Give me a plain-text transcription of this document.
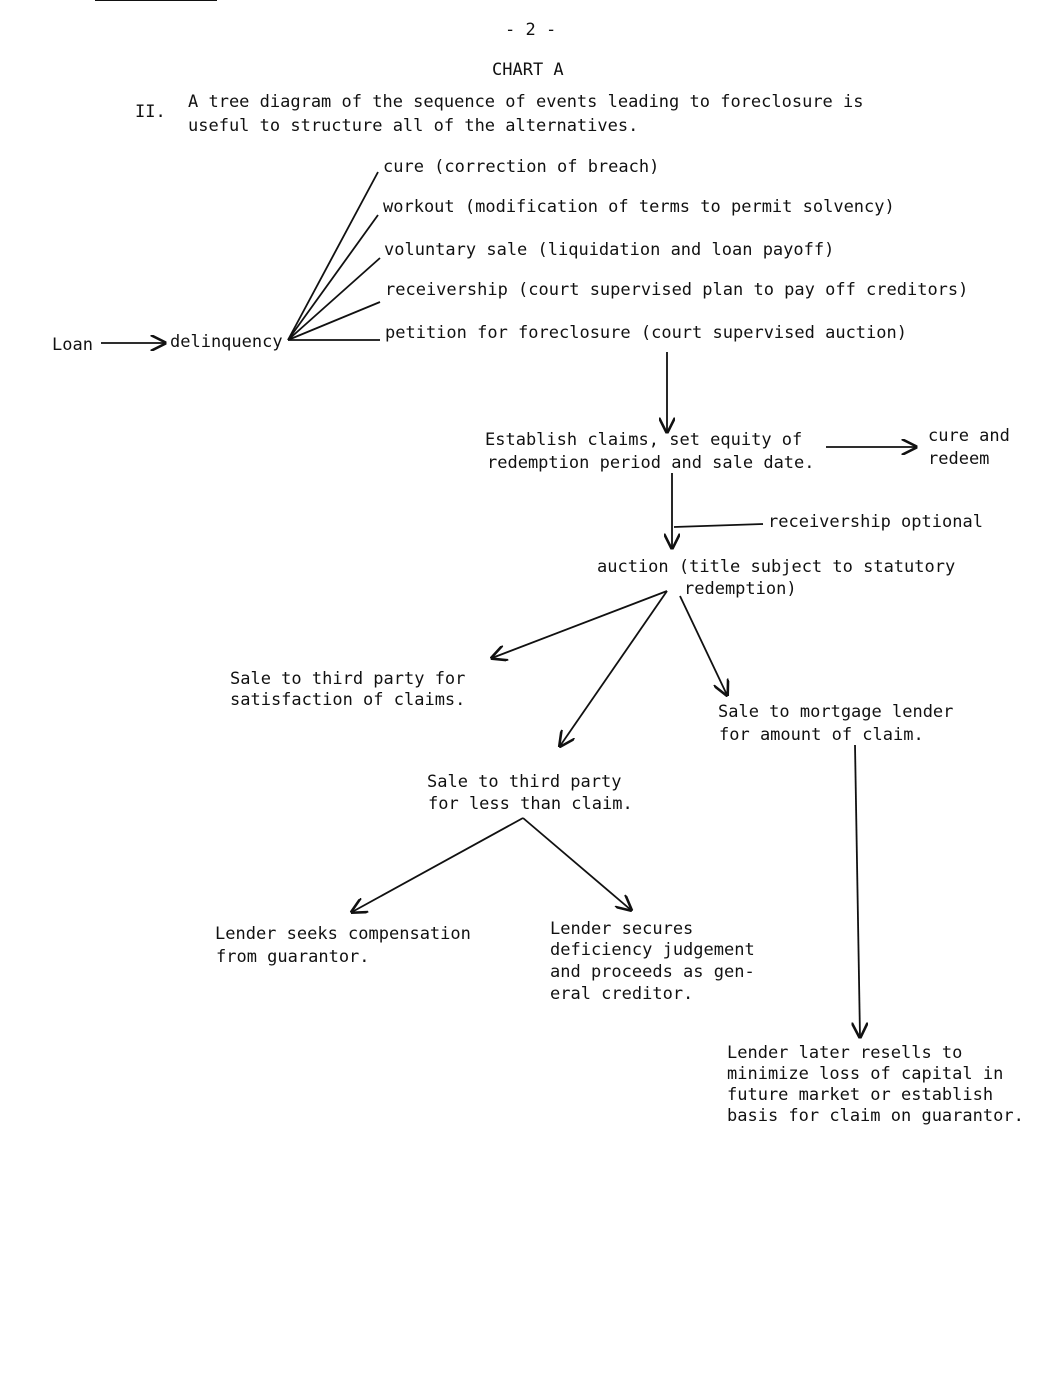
- 2 -
CHART A
II. A tree diagram of the sequence of events leading to foreclosure is
useful to structure all of the alternatives.
Loan	delinquency
cure (correction of breach)
workout (modification of terms to permit solvency)
voluntary sale (liquidation and loan payoff)
receivership (court supervised plan to pay off creditors)
petition for foreclosure (court supervised auction)
Establish claims, set equity of
redemption period and sale date.
cure and
redeem
receivership optional
auction (title subject to statutory
redemption)
Sale to third party for
satisfaction of claims.
Sale to mortgage lender
for amount of claim.
Sale to third party
for less than claim.
Lender seeks compensation
from guarantor.
Lender secures
deficiency judgement
and proceeds as gen-
eral creditor.
Lender later resells to
minimize loss of capital in
future market or establish
basis for claim on guarantor.
